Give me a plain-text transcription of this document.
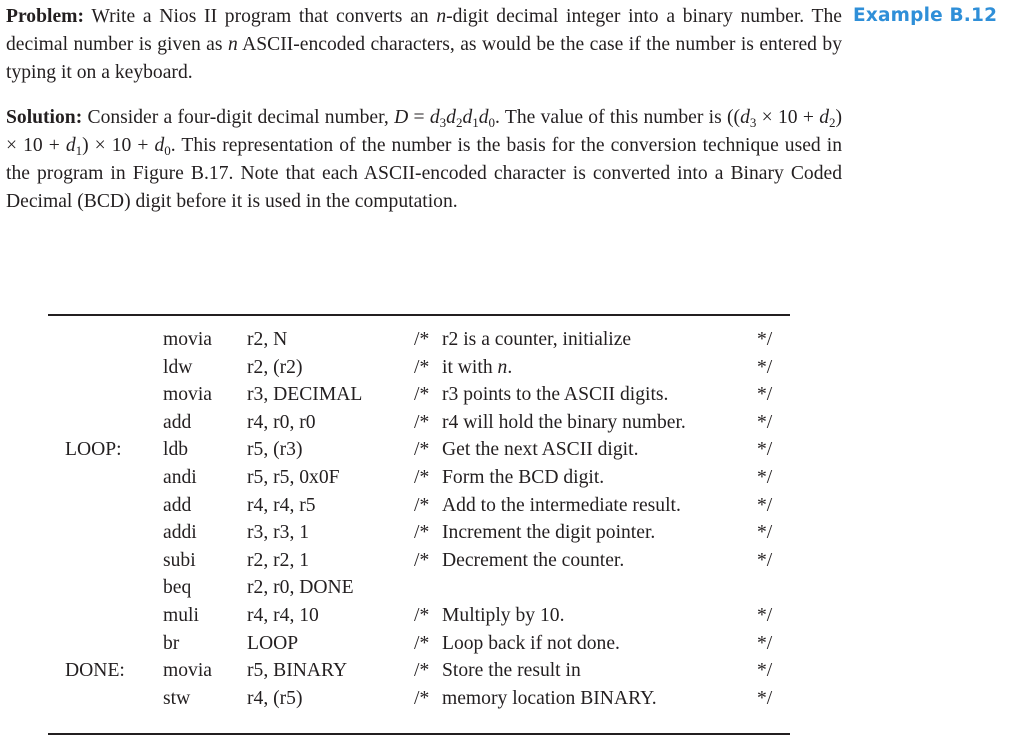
Example B.12

Problem: Write a Nios II program that converts an n-digit decimal integer into a binary number. The decimal number is given as n ASCII-encoded characters, as would be the case if the number is entered by typing it on a keyboard.

Solution: Consider a four-digit decimal number, $D = d_3d_2d_1d_0$. The value of this number is $((d_3 \times 10 + d_2) \times 10 + d_1) \times 10 + d_0$. This representation of the number is the basis for the conversion technique used in the program in Figure B.17. Note that each ASCII-encoded character is converted into a Binary Coded Decimal (BCD) digit before it is used in the computation.

movia r2, N	/* r2 is a counter, initialize	*/
ldw	r2, (r2)	/* it with n.	*/
movia r3, DECIMAL	/* r3 points to the ASCII digits.	*/
add	r4, r0, r0	/* r4 will hold the binary number.	*/
LOOP: ldb	r5, (r3)	/* Get the next ASCII digit.	*/
andi	r5, r5, 0x0F	/* Form the BCD digit.	*/
add	r4, r4, r5	/* Add to the intermediate result.	*/
addi	r3, r3, 1	/* Increment the digit pointer.	*/
subi	r2, r2, 1	/* Decrement the counter.	*/
beq	r2, r0, DONE
muli r4, r4, 10	/* Multiply by 10.	*/
br	LOOP	/* Loop back if not done.	*/
DONE: movia r5, BINARY	/* Store the result in	*/
stw	r4, (r5)	/* memory location BINARY.	*/
